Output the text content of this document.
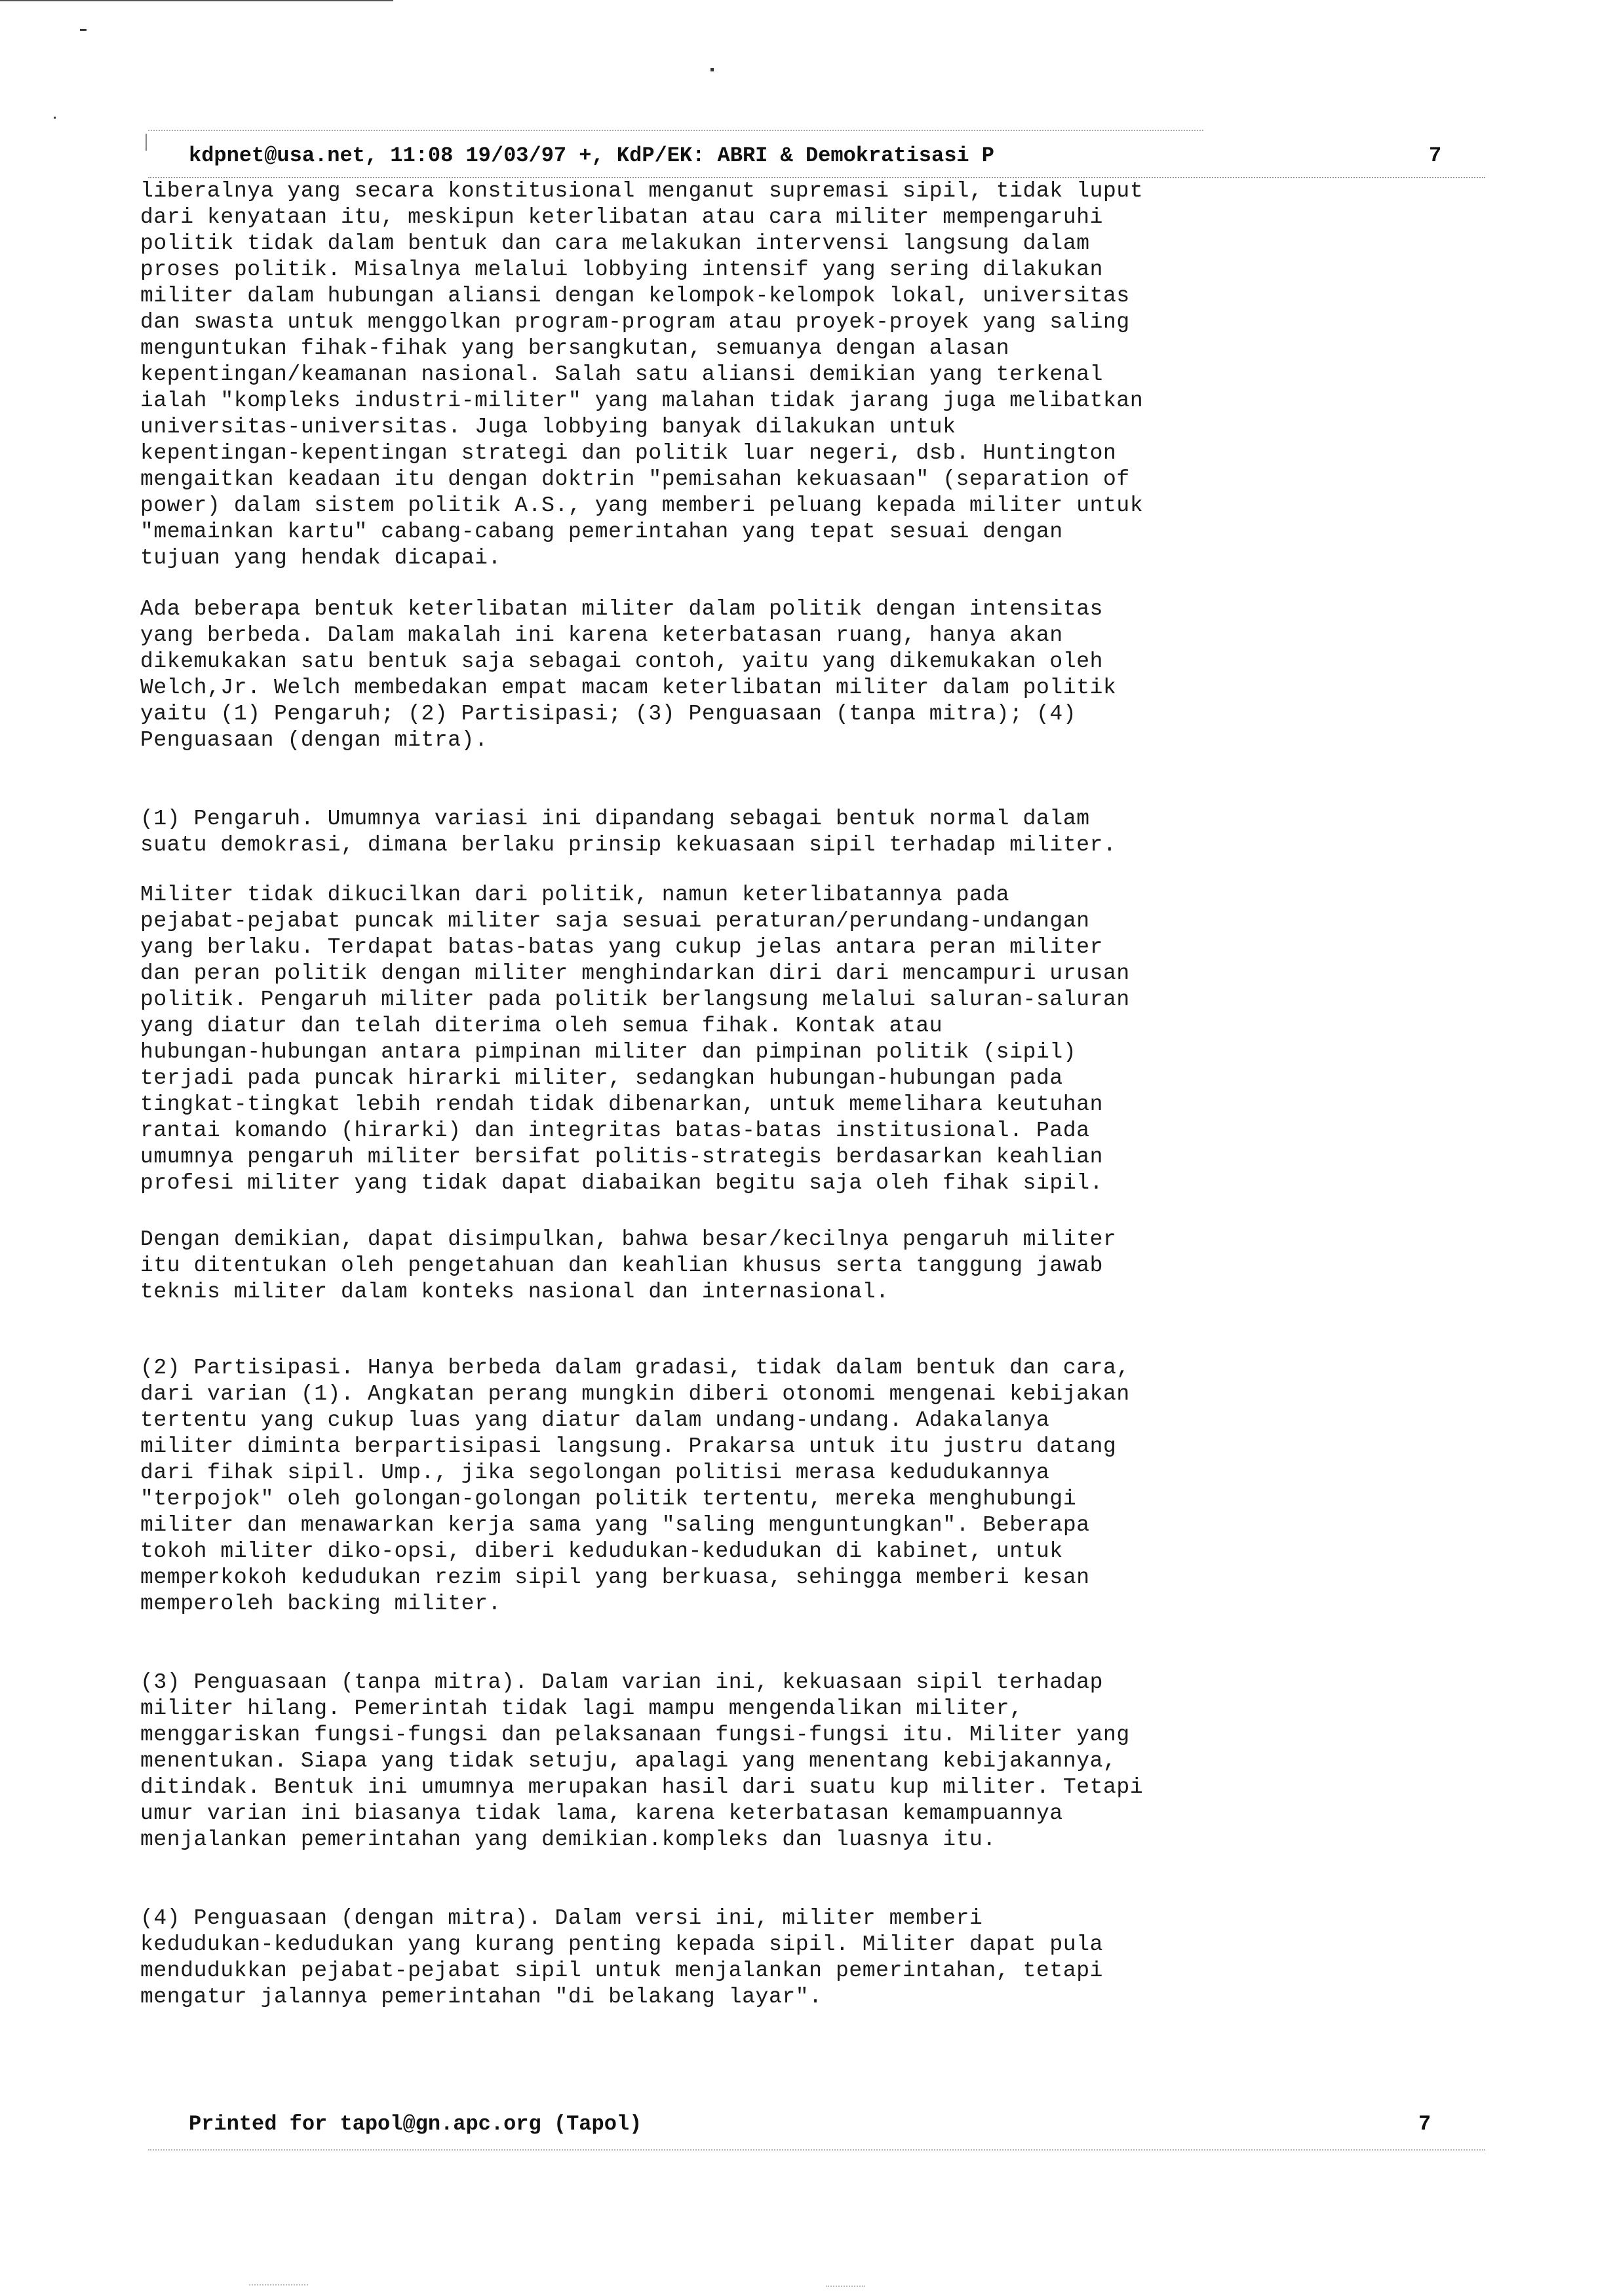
kdpnet@usa.net, 11:08 19/03/97 +, KdP/EK: ABRI & Demokratisasi P	7
liberalnya yang secara konstitusional menganut supremasi sipil, tidak luput
dari kenyataan itu, meskipun keterlibatan atau cara militer mempengaruhi
politik tidak dalam bentuk dan cara melakukan intervensi langsung dalam
proses politik. Misalnya melalui lobbying intensif yang sering dilakukan
militer dalam hubungan aliansi dengan kelompok-kelompok lokal, universitas
dan swasta untuk menggolkan program-program atau proyek-proyek yang saling
menguntukan fihak-fihak yang bersangkutan, semuanya dengan alasan
kepentingan/keamanan nasional. Salah satu aliansi demikian yang terkenal
ialah "kompleks industri-militer" yang malahan tidak jarang juga melibatkan
universitas-universitas. Juga lobbying banyak dilakukan untuk
kepentingan-kepentingan strategi dan politik luar negeri, dsb. Huntington
mengaitkan keadaan itu dengan doktrin "pemisahan kekuasaan" (separation of
power) dalam sistem politik A.S., yang memberi peluang kepada militer untuk
"memainkan kartu" cabang-cabang pemerintahan yang tepat sesuai dengan
tujuan yang hendak dicapai.
Ada beberapa bentuk keterlibatan militer dalam politik dengan intensitas
yang berbeda. Dalam makalah ini karena keterbatasan ruang, hanya akan
dikemukakan satu bentuk saja sebagai contoh, yaitu yang dikemukakan oleh
Welch,Jr. Welch membedakan empat macam keterlibatan militer dalam politik
yaitu (1) Pengaruh; (2) Partisipasi; (3) Penguasaan (tanpa mitra); (4)
Penguasaan (dengan mitra).
(1) Pengaruh. Umumnya variasi ini dipandang sebagai bentuk normal dalam
suatu demokrasi, dimana berlaku prinsip kekuasaan sipil terhadap militer.
Militer tidak dikucilkan dari politik, namun keterlibatannya pada
pejabat-pejabat puncak militer saja sesuai peraturan/perundang-undangan
yang berlaku. Terdapat batas-batas yang cukup jelas antara peran militer
dan peran politik dengan militer menghindarkan diri dari mencampuri urusan
politik. Pengaruh militer pada politik berlangsung melalui saluran-saluran
yang diatur dan telah diterima oleh semua fihak. Kontak atau
hubungan-hubungan antara pimpinan militer dan pimpinan politik (sipil)
terjadi pada puncak hirarki militer, sedangkan hubungan-hubungan pada
tingkat-tingkat lebih rendah tidak dibenarkan, untuk memelihara keutuhan
rantai komando (hirarki) dan integritas batas-batas institusional. Pada
umumnya pengaruh militer bersifat politis-strategis berdasarkan keahlian
profesi militer yang tidak dapat diabaikan begitu saja oleh fihak sipil.
Dengan demikian, dapat disimpulkan, bahwa besar/kecilnya pengaruh militer
itu ditentukan oleh pengetahuan dan keahlian khusus serta tanggung jawab
teknis militer dalam konteks nasional dan internasional.
(2) Partisipasi. Hanya berbeda dalam gradasi, tidak dalam bentuk dan cara,
dari varian (1). Angkatan perang mungkin diberi otonomi mengenai kebijakan
tertentu yang cukup luas yang diatur dalam undang-undang. Adakalanya
militer diminta berpartisipasi langsung. Prakarsa untuk itu justru datang
dari fihak sipil. Ump., jika segolongan politisi merasa kedudukannya
"terpojok" oleh golongan-golongan politik tertentu, mereka menghubungi
militer dan menawarkan kerja sama yang "saling menguntungkan". Beberapa
tokoh militer diko-opsi, diberi kedudukan-kedudukan di kabinet, untuk
memperkokoh kedudukan rezim sipil yang berkuasa, sehingga memberi kesan
memperoleh backing militer.
(3) Penguasaan (tanpa mitra). Dalam varian ini, kekuasaan sipil terhadap
militer hilang. Pemerintah tidak lagi mampu mengendalikan militer,
menggariskan fungsi-fungsi dan pelaksanaan fungsi-fungsi itu. Militer yang
menentukan. Siapa yang tidak setuju, apalagi yang menentang kebijakannya,
ditindak. Bentuk ini umumnya merupakan hasil dari suatu kup militer. Tetapi
umur varian ini biasanya tidak lama, karena keterbatasan kemampuannya
menjalankan pemerintahan yang demikian.kompleks dan luasnya itu.
(4) Penguasaan (dengan mitra). Dalam versi ini, militer memberi
kedudukan-kedudukan yang kurang penting kepada sipil. Militer dapat pula
mendudukkan pejabat-pejabat sipil untuk menjalankan pemerintahan, tetapi
mengatur jalannya pemerintahan "di belakang layar".
Printed for tapol@gn.apc.org (Tapol)	7
